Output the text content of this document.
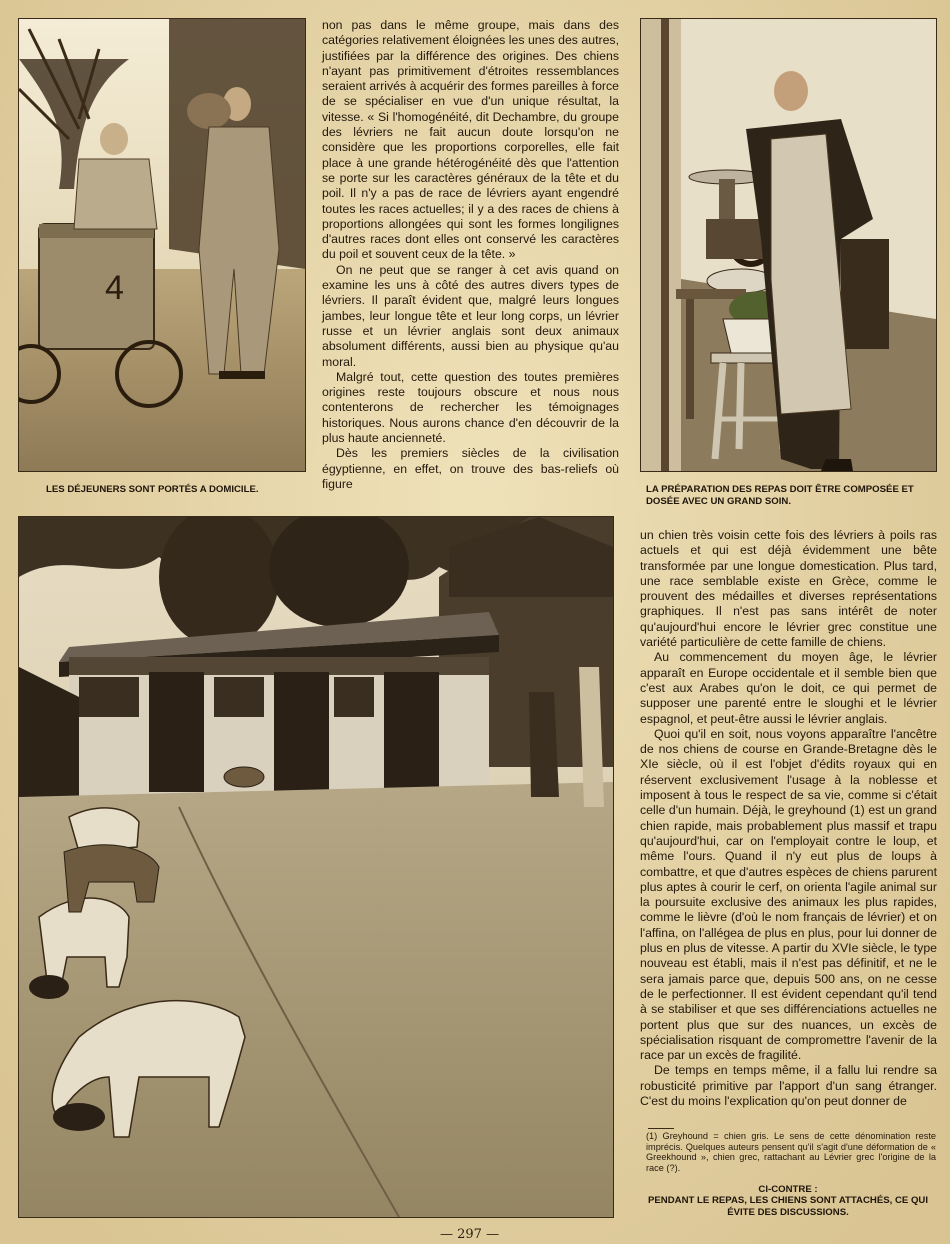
4

non pas dans le même groupe, mais dans des catégories relativement éloignées les unes des autres, justifiées par la différence des origines. Des chiens n'ayant pas primitivement d'étroites ressemblances seraient arrivés à acquérir des formes pareilles à force de se spécialiser en vue d'un unique résultat, la vitesse. « Si l'homogénéité, dit Dechambre, du groupe des lévriers ne fait aucun doute lorsqu'on ne considère que les proportions corporelles, elle fait place à une grande hétérogénéité dès que l'attention se porte sur les caractères généraux de la tête et du poil. Il n'y a pas de race de lévriers ayant engendré toutes les races actuelles; il y a des races de chiens à proportions allongées qui sont les formes longilignes d'autres races dont elles ont conservé les caractères du poil et souvent ceux de la tête. »

On ne peut que se ranger à cet avis quand on examine les uns à côté des autres divers types de lévriers. Il paraît évident que, malgré leurs longues jambes, leur longue tête et leur long corps, un lévrier russe et un lévrier anglais sont deux animaux absolument différents, aussi bien au physique qu'au moral.

Malgré tout, cette question des toutes premières origines reste toujours obscure et nous nous contenterons de rechercher les témoignages historiques. Nous aurons chance d'en découvrir de la plus haute ancienneté.

Dès les premiers siècles de la civilisation égyptienne, en effet, on trouve des bas-reliefs où figure

LES DÉJEUNERS SONT PORTÉS A DOMICILE.	LA PRÉPARATION DES REPAS DOIT ÊTRE COMPOSÉE ET DOSÉE AVEC UN GRAND SOIN.

un chien très voisin cette fois des lévriers à poils ras actuels et qui est déjà évidemment une bête transformée par une longue domestication. Plus tard, une race semblable existe en Grèce, comme le prouvent des médailles et diverses représentations graphiques. Il n'est pas sans intérêt de noter qu'aujourd'hui encore le lévrier grec constitue une variété particulière de cette famille de chiens.

Au commencement du moyen âge, le lévrier apparaît en Europe occidentale et il semble bien que c'est aux Arabes qu'on le doit, ce qui permet de supposer une parenté entre le sloughi et le lévrier espagnol, et peut-être aussi le lévrier anglais.

Quoi qu'il en soit, nous voyons apparaître l'ancêtre de nos chiens de course en Grande-Bretagne dès le XIe siècle, où il est l'objet d'édits royaux qui en réservent exclusivement l'usage à la noblesse et imposent à tous le respect de sa vie, comme si c'était celle d'un humain. Déjà, le greyhound (1) est un grand chien rapide, mais probablement plus massif et trapu qu'aujourd'hui, car on l'employait contre le loup, et même l'ours. Quand il n'y eut plus de loups à combattre, et que d'autres espèces de chiens parurent plus aptes à courir le cerf, on orienta l'agile animal sur la poursuite exclusive des animaux les plus rapides, comme le lièvre (d'où le nom français de lévrier) et on l'affina, on l'allégea de plus en plus, pour lui donner de plus en plus de vitesse. A partir du XVIe siècle, le type nouveau est établi, mais il n'est pas définitif, et ne le sera jamais parce que, depuis 500 ans, on ne cesse de le perfectionner. Il est évident cependant qu'il tend à se stabiliser et que ses différenciations actuelles ne portent plus que sur des nuances, un excès de spécialisation risquant de compromettre l'avenir de la race par un excès de fragilité.

De temps en temps même, il a fallu lui rendre sa robusticité primitive par l'apport d'un sang étranger. C'est du moins l'explication qu'on peut donner de

(1) Greyhound = chien gris. Le sens de cette dénomination reste imprécis. Quelques auteurs pensent qu'il s'agit d'une déformation de « Greekhound », chien grec, rattachant au Lévrier grec l'origine de la race (?).
CI-CONTRE :
PENDANT LE REPAS, LES CHIENS SONT ATTACHÉS, CE QUI ÉVITE DES DISCUSSIONS.
— 297 —
